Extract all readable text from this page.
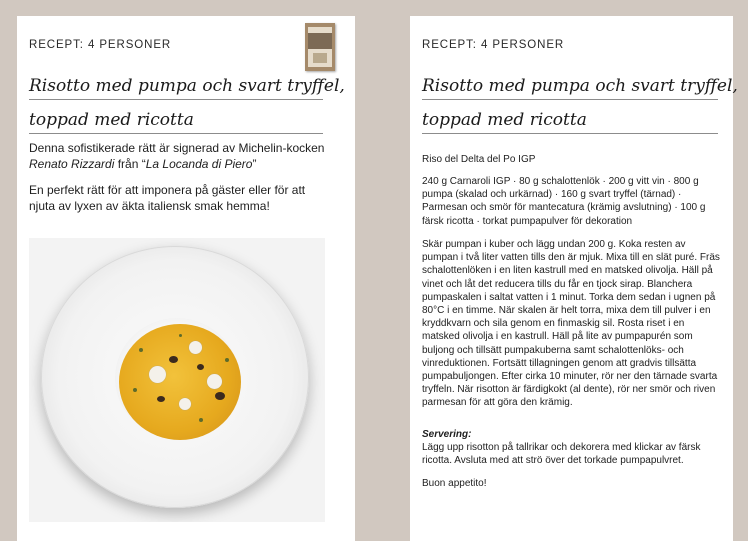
RECEPT: 4 PERSONER
Risotto med pumpa och svart tryffel,
toppad med ricotta

Denna sofistikerade rätt är signerad av Michelin-kocken
Renato Rizzardi från “La Locanda di Piero”

En perfekt rätt för att imponera på gäster eller för att njuta av lyxen av äkta italiensk smak hemma!

RECEPT: 4 PERSONER
Risotto med pumpa och svart tryffel,
toppad med ricotta

Riso del Delta del Po IGP

240 g Carnaroli IGP · 80 g schalottenlök · 200 g vitt vin · 800 g pumpa (skalad och urkärnad) · 160 g svart tryffel (tärnad) · Parmesan och smör för mantecatura (krämig avslutning) · 100 g färsk ricotta · torkat pumpapulver för dekoration

Skär pumpan i kuber och lägg undan 200 g. Koka resten av pumpan i två liter vatten tills den är mjuk. Mixa till en slät puré. Fräs schalottenlöken i en liten kastrull med en matsked olivolja. Häll på vinet och låt det reducera tills du får en tjock sirap. Blanchera pumpaskalen i saltat vatten i 1 minut. Torka dem sedan i ugnen på 80°C i en timme. När skalen är helt torra, mixa dem till pulver i en kryddkvarn och sila genom en finmaskig sil. Rosta riset i en matsked olivolja i en kastrull. Häll på lite av pumpapurén som buljong och tillsätt pumpakuberna samt schalottenlöks- och vinreduktionen. Fortsätt tillagningen genom att gradvis tillsätta pumpabuljongen. Efter cirka 10 minuter, rör ner den tärnade svarta tryffeln. När risotton är färdigkokt (al dente), rör ner smör och riven parmesan för att göra den krämig.

Servering:
Lägg upp risotton på tallrikar och dekorera med klickar av färsk ricotta. Avsluta med att strö över det torkade pumpapulvret.

Buon appetito!
